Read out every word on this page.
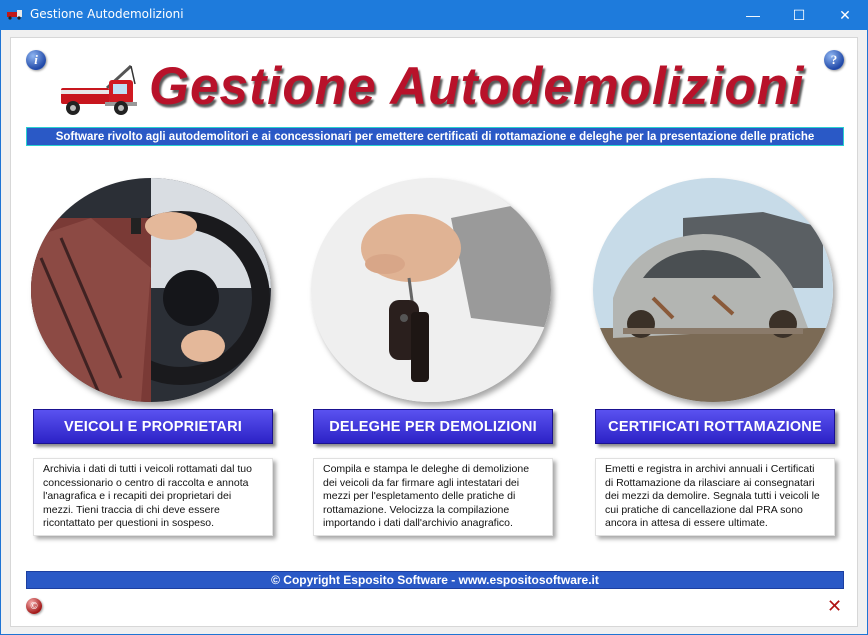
Gestione Autodemolizioni	— ☐ ✕
i	?
Gestione Autodemolizioni
Software rivolto agli autodemolitori e ai concessionari per emettere certificati di rottamazione e deleghe per la presentazione delle pratiche
VEICOLI E PROPRIETARI	DELEGHE PER DEMOLIZIONI	CERTIFICATI ROTTAMAZIONE
Archivia i dati di tutti i veicoli rottamati dal tuo concessionario o centro di raccolta e annota l'anagrafica e i recapiti dei proprietari dei mezzi. Tieni traccia di chi deve essere ricontattato per questioni in sospeso.
Compila e stampa le deleghe di demolizione dei veicoli da far firmare agli intestatari dei mezzi per l'espletamento delle pratiche di rottamazione. Velocizza la compilazione importando i dati dall'archivio anagrafico.
Emetti e registra in archivi annuali i Certificati di Rottamazione da rilasciare ai consegnatari dei mezzi da demolire. Segnala tutti i veicoli le cui pratiche di cancellazione dal PRA sono ancora in attesa di essere ultimate.
© Copyright Esposito Software - www.espositosoftware.it
©	✕
